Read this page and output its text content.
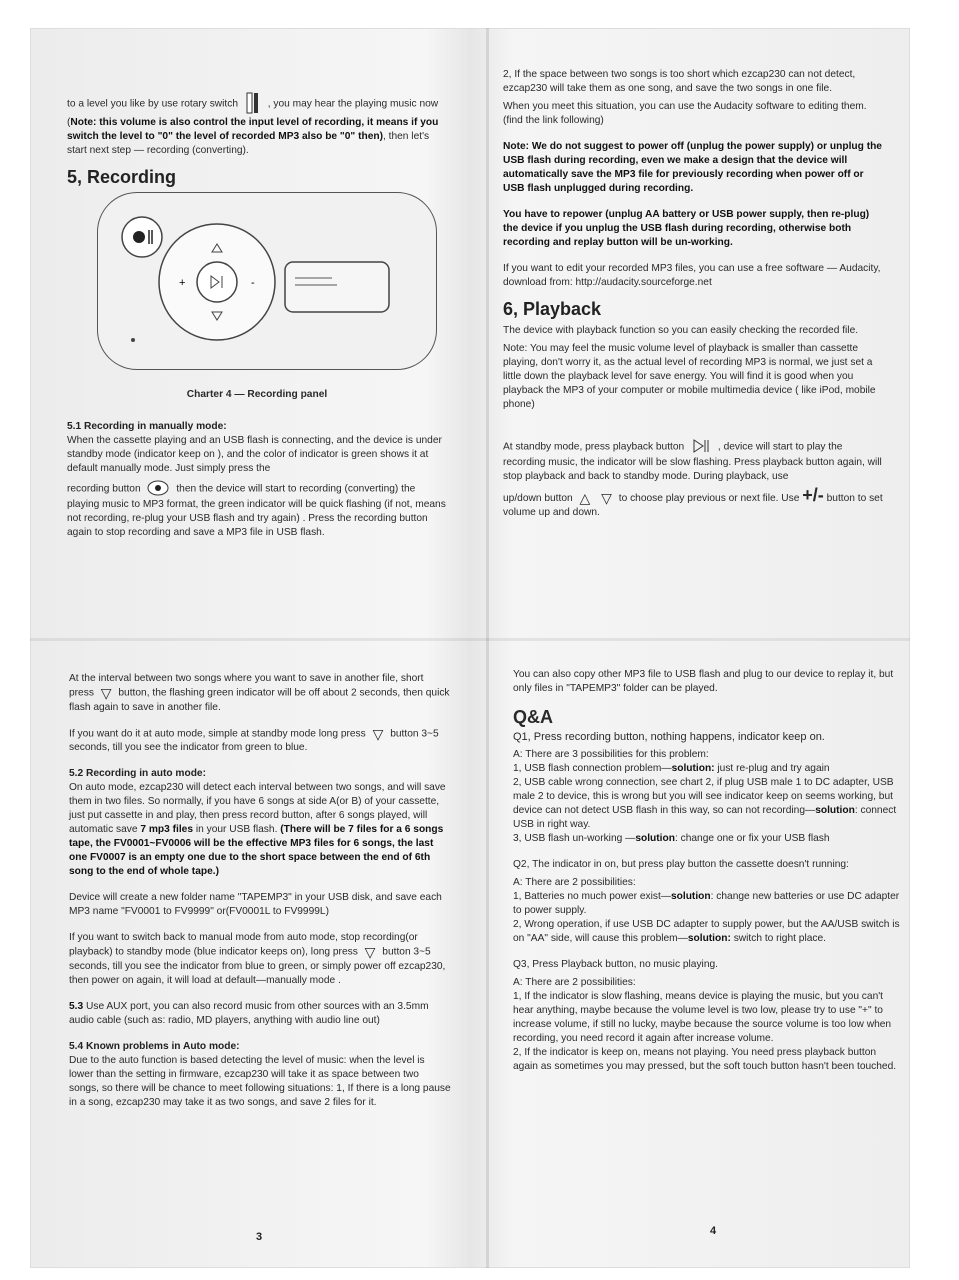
to a level you like by use rotary switch	, you may hear the playing music now (Note: this volume is also control the input level of recording, it means if you switch the level to "0" the level of recorded MP3 also be "0" then), then let's start next step — recording (converting).

5, Recording
+	-
Charter 4 — Recording panel
5.1 Recording in manually mode:

When the cassette playing and an USB flash is connecting, and the device is under standby mode (indicator keep on ), and the color of indicator is green shows it at default manually mode. Just simply press the

recording button	then the device will start to recording (converting) the playing music to MP3 format, the green indicator will be quick flashing (if not, means not recording, re-plug your USB flash and try again) . Press the recording button again to stop recording and save a MP3 file in USB flash.

2, If the space between two songs is too short which ezcap230 can not detect, ezcap230 will take them as one song, and save the two songs in one file.

When you meet this situation, you can use the Audacity software to editing them.(find the link following)

Note: We do not suggest to power off (unplug the power supply) or unplug the USB flash during recording, even we make a design that the device will automatically save the MP3 file for previously recording when power off or USB flash unplugged during recording.

You have to repower (unplug AA battery or USB power supply, then re-plug) the device if you unplug the USB flash during recording, otherwise both recording and replay button will be un-working.

If you want to edit your recorded MP3 files, you can use a free software — Audacity, download from: http://audacity.sourceforge.net

6, Playback

The device with playback function so you can easily checking the recorded file.

Note: You may feel the music volume level of playback is smaller than cassette playing, don't worry it, as the actual level of recording MP3 is normal, we just set a little down the playback level for save energy. You will find it is good when you playback the MP3 of your computer or mobile multimedia device ( like iPod, mobile phone)

At standby mode, press playback button	, device will start to play the recording music, the indicator will be slow flashing. Press playback button again, will stop playback and back to standby mode. During playback, use

up/down button △ ▽ to choose play previous or next file. Use +/- button to set volume up and down.

At the interval between two songs where you want to save in another file, short press ▽ button, the flashing green indicator will be off about 2 seconds, then quick flash again to save in another file.

If you want do it at auto mode, simple at standby mode long press ▽ button 3~5 seconds, till you see the indicator from green to blue.

5.2 Recording in auto mode:

On auto mode, ezcap230 will detect each interval between two songs, and will save them in two files. So normally, if you have 6 songs at side A(or B) of your cassette, just put cassette in and play, then press record button, after 6 songs played, will automatic save 7 mp3 files in your USB flash. (There will be 7 files for a 6 songs tape, the FV0001~FV0006 will be the effective MP3 files for 6 songs, the last one FV0007 is an empty one due to the short space between the end of 6th song to the end of whole tape.)

Device will create a new folder name "TAPEMP3" in your USB disk, and save each MP3 name "FV0001 to FV9999" or(FV0001L to FV9999L)

If you want to switch back to manual mode from auto mode, stop recording(or playback) to standby mode (blue indicator keeps on), long press ▽ button 3~5 seconds, till you see the indicator from blue to green, or simply power off ezcap230, then power on again, it will load at default—manually mode .

5.3 Use AUX port, you can also record music from other sources with an 3.5mm audio cable (such as: radio, MD players, anything with audio line out)

5.4 Known problems in Auto mode:

Due to the auto function is based detecting the level of music: when the level is lower than the setting in firmware, ezcap230 will take it as space between two songs, so there will be chance to meet following situations: 1, If there is a long pause in a song, ezcap230 may take it as two songs, and save 2 files for it.

3

You can also copy other MP3 file to USB flash and plug to our device to replay it, but only files in "TAPEMP3" folder can be played.

Q&A

Q1, Press recording button, nothing happens, indicator keep on.

A: There are 3 possibilities for this problem:
1, USB flash connection problem—solution: just re-plug and try again
2, USB cable wrong connection, see chart 2, if plug USB male 1 to DC adapter, USB male 2 to device, this is wrong but you will see indicator keep on seems working, but device can not detect USB flash in this way, so can not recording—solution: connect USB in right way.

3, USB flash un-working —solution: change one or fix your USB flash

Q2, The indicator in on, but press play button the cassette doesn't running:

A: There are 2 possibilities:
1, Batteries no much power exist—solution: change new batteries or use DC adapter to power supply.

2, Wrong operation, if use USB DC adapter to supply power, but the AA/USB switch is on "AA" side, will cause this problem—solution: switch to right place.

Q3, Press Playback button, no music playing.

A: There are 2 possibilities:
1, If the indicator is slow flashing, means device is playing the music, but you can't hear anything, maybe because the volume level is two low, please try to use "+" to increase volume, if still no lucky, maybe because the source volume is too low when recording, you need record it again after increase volume.
2, If the indicator is keep on, means not playing. You need press playback button again as sometimes you may pressed, but the soft touch button hasn't been touched.
4
